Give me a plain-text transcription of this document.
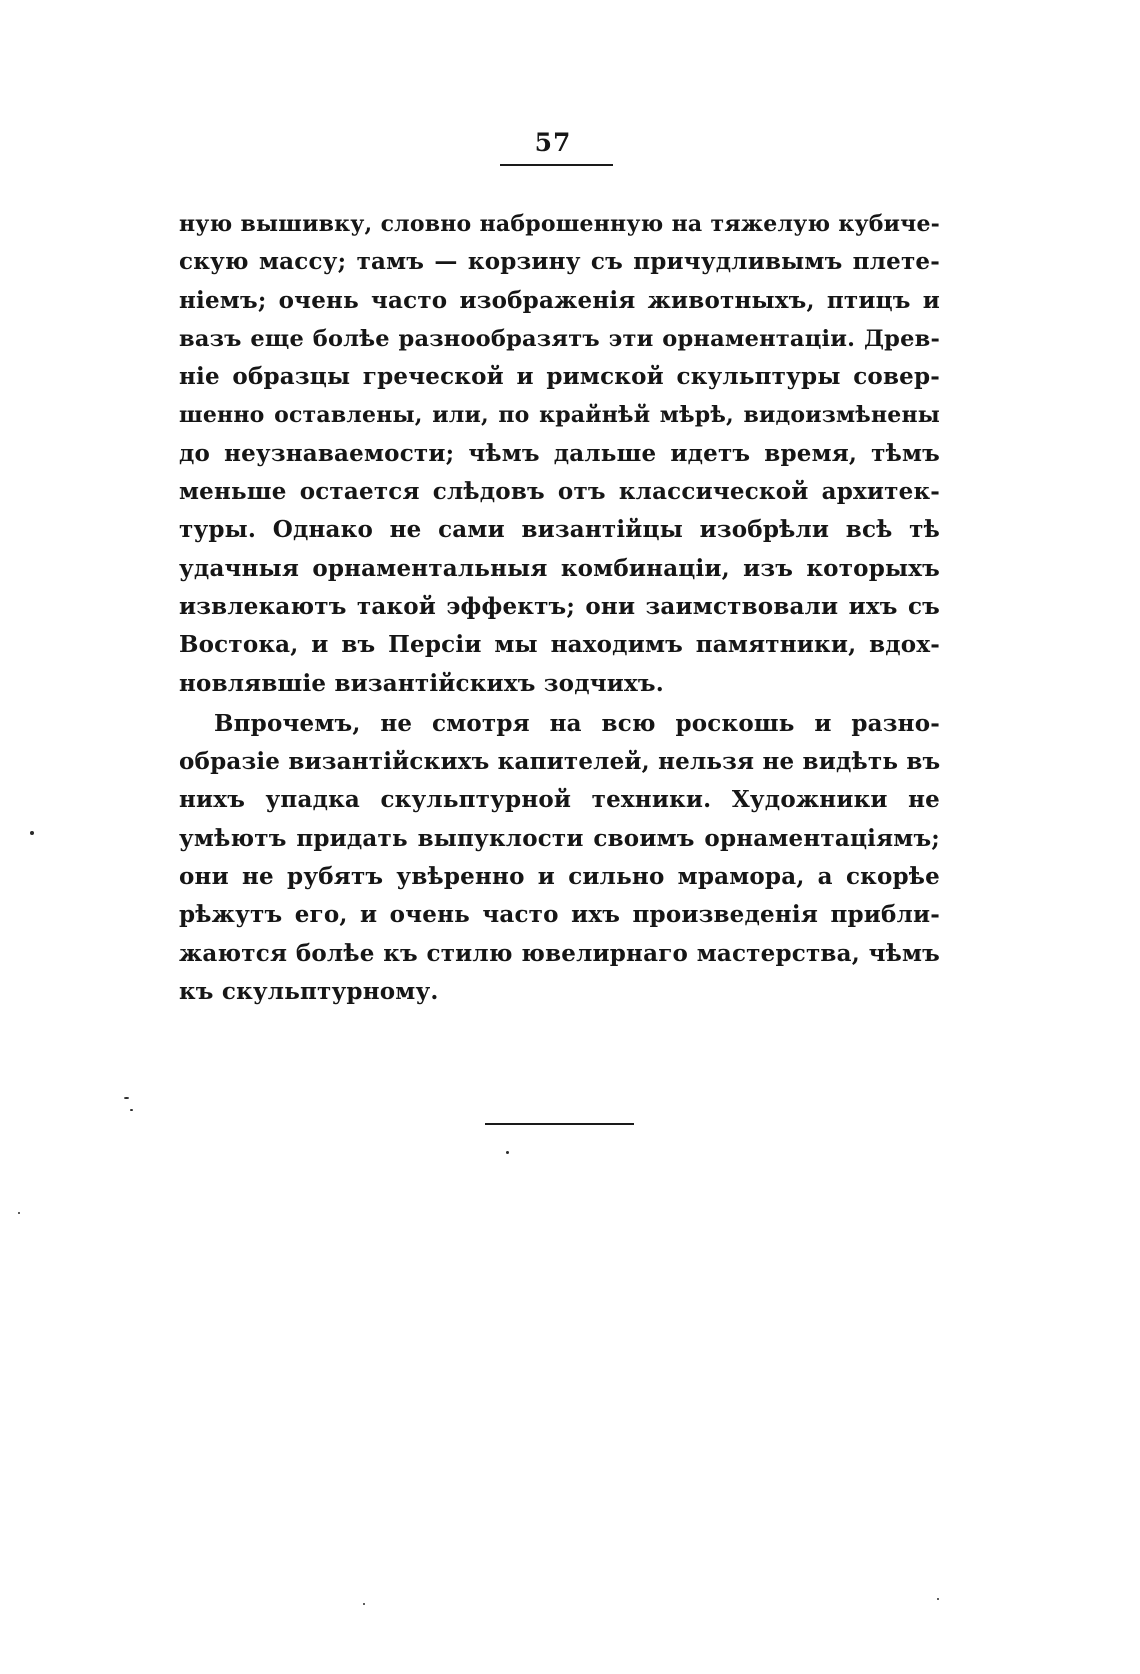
57
ную вышивку, словно наброшенную на тяжелую кубиче-
скую массу; тамъ — корзину съ причудливымъ плете-
ніемъ; очень часто изображенія животныхъ, птицъ и
вазъ еще болѣе разнообразятъ эти орнаментаціи. Древ-
ніе образцы греческой и римской скульптуры совер-
шенно оставлены, или, по крайнѣй мѣрѣ, видоизмѣнены
до неузнаваемости; чѣмъ дальше идетъ время, тѣмъ
меньше остается слѣдовъ отъ классической архитек-
туры. Однако не сами византійцы изобрѣли всѣ тѣ
удачныя орнаментальныя комбинаціи, изъ которыхъ
извлекаютъ такой эффектъ; они заимствовали ихъ съ
Востока, и въ Персіи мы находимъ памятники, вдох-
новлявшіе византійскихъ зодчихъ.
Впрочемъ, не смотря на всю роскошь и разно-
образіе византійскихъ капителей, нельзя не видѣть въ
нихъ упадка скульптурной техники. Художники не
умѣютъ придать выпуклости своимъ орнаментаціямъ;
они не рубятъ увѣренно и сильно мрамора, а скорѣе
рѣжутъ его, и очень часто ихъ произведенія прибли-
жаются болѣе къ стилю ювелирнаго мастерства, чѣмъ
къ скульптурному.
